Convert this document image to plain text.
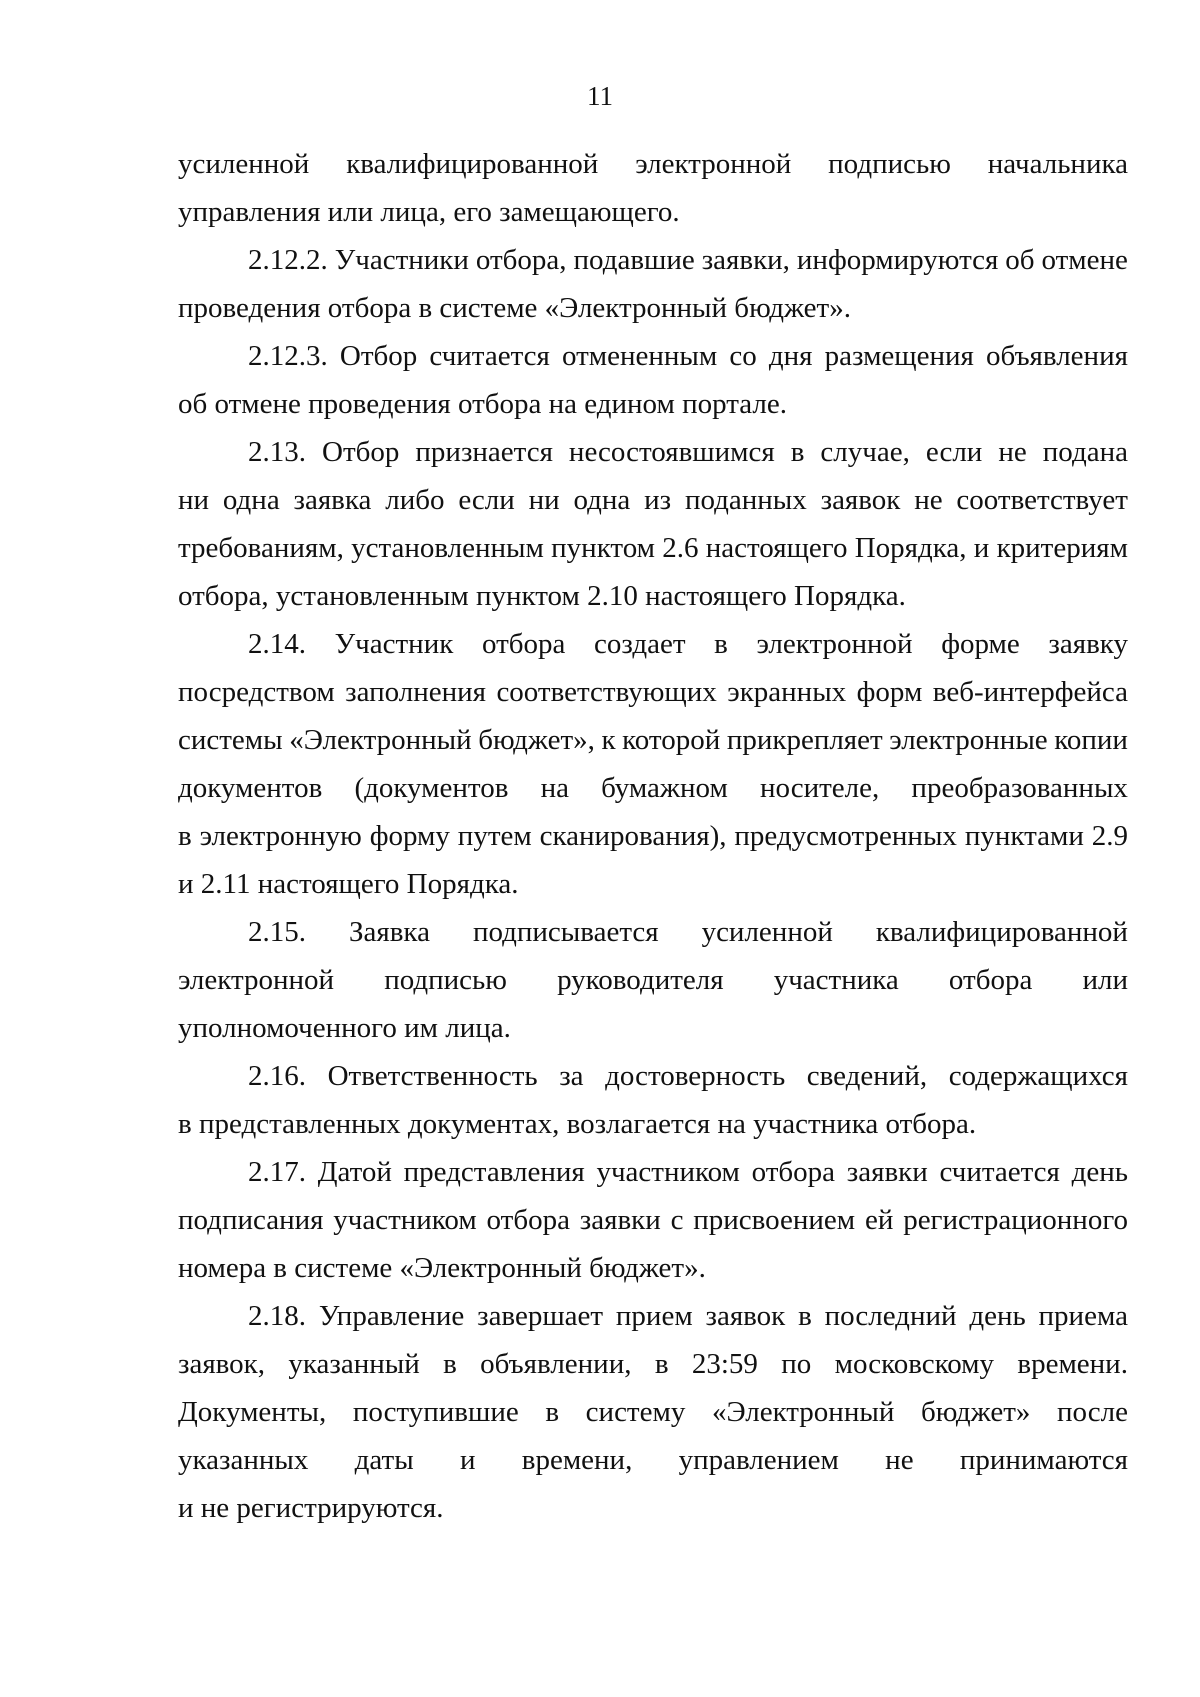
11
усиленной квалифицированной электронной подписью начальника
управления или лица, его замещающего.
2.12.2. Участники отбора, подавшие заявки, информируются об отмене
проведения отбора в системе «Электронный бюджет».
2.12.3. Отбор считается отмененным со дня размещения объявления
об отмене проведения отбора на едином портале.
2.13. Отбор признается несостоявшимся в случае, если не подана
ни одна заявка либо если ни одна из поданных заявок не соответствует
требованиям, установленным пунктом 2.6 настоящего Порядка, и критериям
отбора, установленным пунктом 2.10 настоящего Порядка.
2.14. Участник отбора создает в электронной форме заявку
посредством заполнения соответствующих экранных форм веб-интерфейса
системы «Электронный бюджет», к которой прикрепляет электронные копии
документов (документов на бумажном носителе, преобразованных
в электронную форму путем сканирования), предусмотренных пунктами 2.9
и 2.11 настоящего Порядка.
2.15. Заявка подписывается усиленной квалифицированной
электронной подписью руководителя участника отбора или
уполномоченного им лица.
2.16. Ответственность за достоверность сведений, содержащихся
в представленных документах, возлагается на участника отбора.
2.17. Датой представления участником отбора заявки считается день
подписания участником отбора заявки с присвоением ей регистрационного
номера в системе «Электронный бюджет».
2.18. Управление завершает прием заявок в последний день приема
заявок, указанный в объявлении, в 23:59 по московскому времени.
Документы, поступившие в систему «Электронный бюджет» после
указанных даты и времени, управлением не принимаются
и не регистрируются.
